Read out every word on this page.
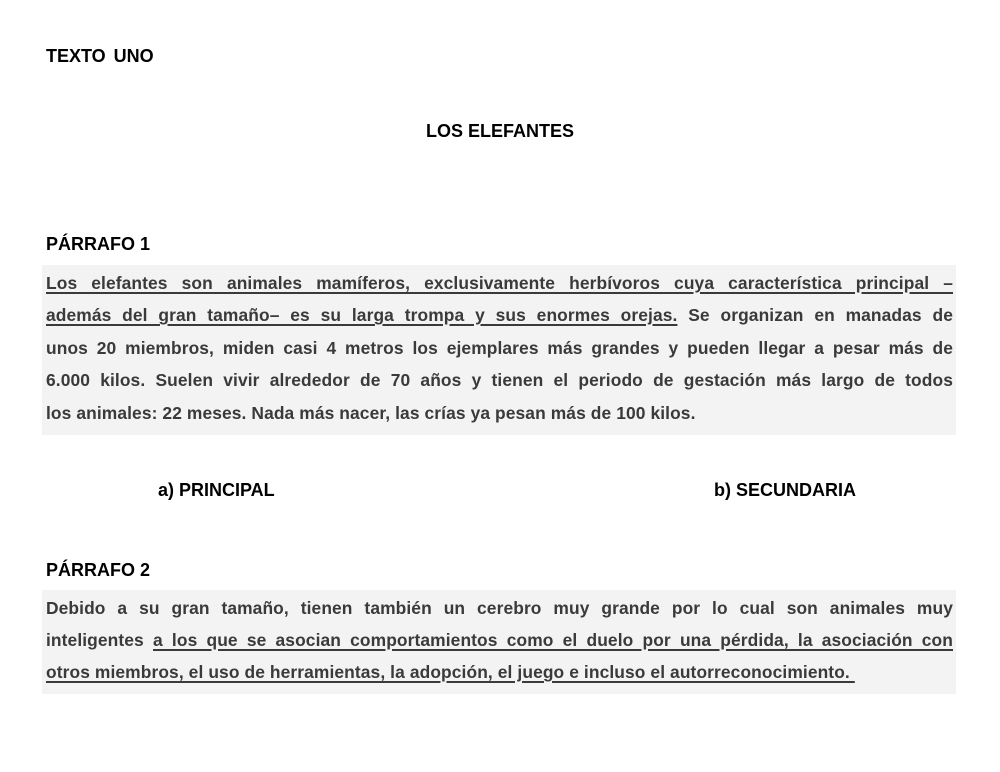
TEXTO UNO
LOS ELEFANTES
PÁRRAFO 1
Los elefantes son animales mamíferos, exclusivamente herbívoros cuya característica principal –
además del gran tamaño– es su larga trompa y sus enormes orejas. Se organizan en manadas de
unos 20 miembros, miden casi 4 metros los ejemplares más grandes y pueden llegar a pesar más de
6.000 kilos. Suelen vivir alrededor de 70 años y tienen el periodo de gestación más largo de todos
los animales: 22 meses. Nada más nacer, las crías ya pesan más de 100 kilos.
a) PRINCIPAL	b) SECUNDARIA
PÁRRAFO 2
Debido a su gran tamaño, tienen también un cerebro muy grande por lo cual son animales muy
inteligentes a los que se asocian comportamientos como el duelo por una pérdida, la asociación con
otros miembros, el uso de herramientas, la adopción, el juego e incluso el autorreconocimiento.
